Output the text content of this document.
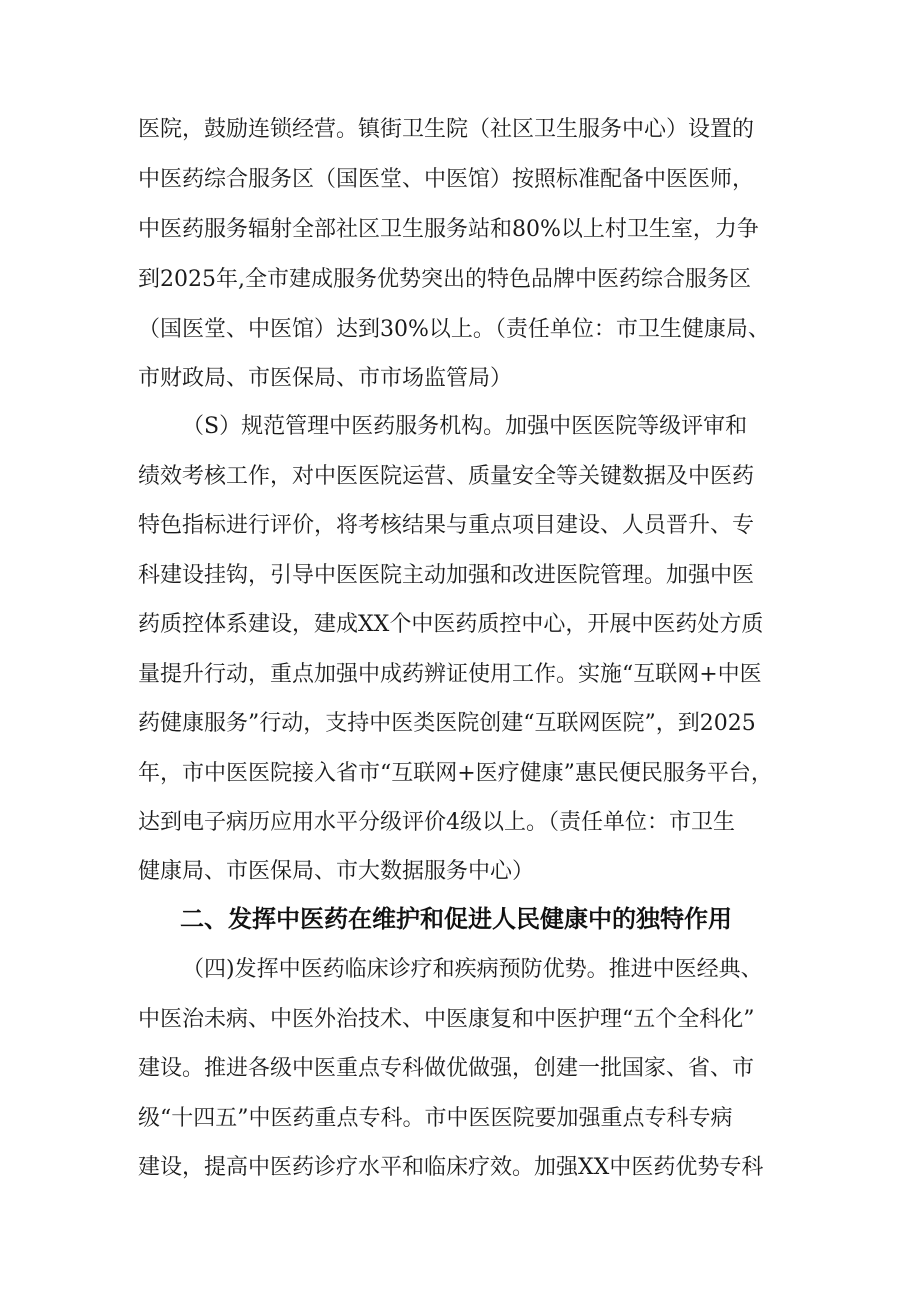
医院，鼓励连锁经营。镇街卫生院（社区卫生服务中心）设置的
中医药综合服务区（国医堂、中医馆）按照标准配备中医医师，
中医药服务辐射全部社区卫生服务站和80%以上村卫生室，力争
到2025年,全市建成服务优势突出的特色品牌中医药综合服务区
（国医堂、中医馆）达到30%以上。（责任单位：市卫生健康局、
市财政局、市医保局、市市场监管局）
（S）规范管理中医药服务机构。加强中医医院等级评审和
绩效考核工作，对中医医院运营、质量安全等关键数据及中医药
特色指标进行评价，将考核结果与重点项目建设、人员晋升、专
科建设挂钩，引导中医医院主动加强和改进医院管理。加强中医
药质控体系建设，建成XX个中医药质控中心，开展中医药处方质
量提升行动，重点加强中成药辨证使用工作。实施“互联网+中医
药健康服务”行动，支持中医类医院创建“互联网医院”，到2025
年，市中医医院接入省市“互联网+医疗健康”惠民便民服务平台，
达到电子病历应用水平分级评价4级以上。（责任单位：市卫生
健康局、市医保局、市大数据服务中心）
二、发挥中医药在维护和促进人民健康中的独特作用
（四)发挥中医药临床诊疗和疾病预防优势。推进中医经典、
中医治未病、中医外治技术、中医康复和中医护理“五个全科化”
建设。推进各级中医重点专科做优做强，创建一批国家、省、市
级“十四五”中医药重点专科。市中医医院要加强重点专科专病
建设，提高中医药诊疗水平和临床疗效。加强XX中医药优势专科
